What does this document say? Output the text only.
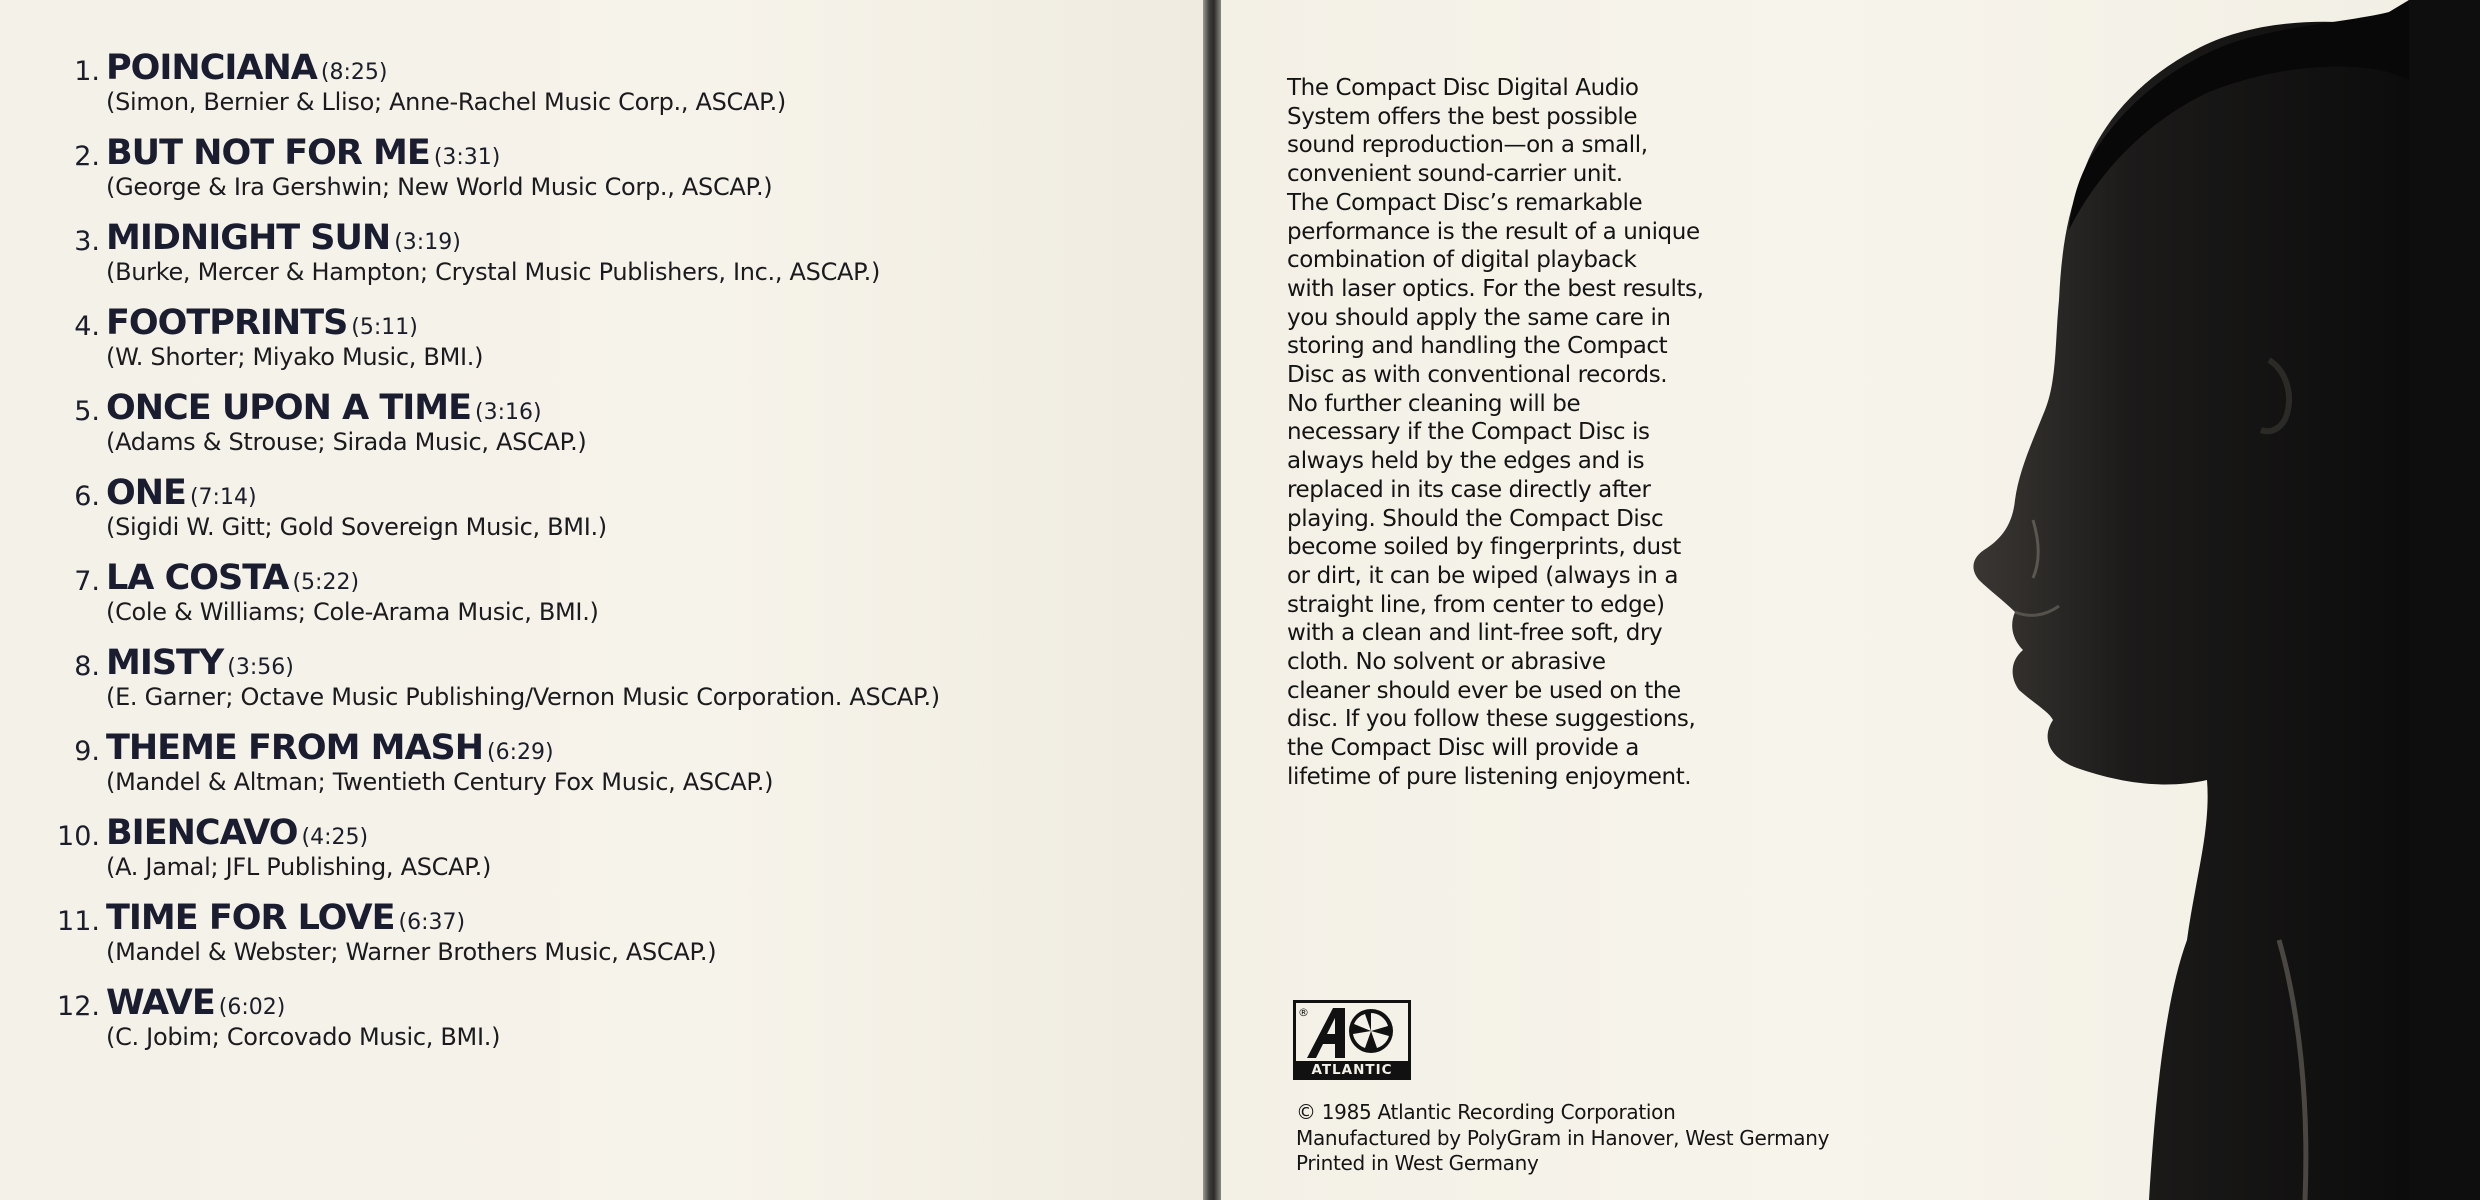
1. POINCIANA (8:25)
(Simon, Bernier & Lliso; Anne-Rachel Music Corp., ASCAP.)
2. BUT NOT FOR ME (3:31)
(George & Ira Gershwin; New World Music Corp., ASCAP.)
3. MIDNIGHT SUN (3:19)
(Burke, Mercer & Hampton; Crystal Music Publishers, Inc., ASCAP.)
4. FOOTPRINTS (5:11)
(W. Shorter; Miyako Music, BMI.)
5. ONCE UPON A TIME (3:16)
(Adams & Strouse; Sirada Music, ASCAP.)
6. ONE (7:14)
(Sigidi W. Gitt; Gold Sovereign Music, BMI.)
7. LA COSTA (5:22)
(Cole & Williams; Cole-Arama Music, BMI.)
8. MISTY (3:56)
(E. Garner; Octave Music Publishing/Vernon Music Corporation. ASCAP.)
9. THEME FROM MASH (6:29)
(Mandel & Altman; Twentieth Century Fox Music, ASCAP.)
10. BIENCAVO (4:25)
(A. Jamal; JFL Publishing, ASCAP.)
11. TIME FOR LOVE (6:37)
(Mandel & Webster; Warner Brothers Music, ASCAP.)
12. WAVE (6:02)
(C. Jobim; Corcovado Music, BMI.)
The Compact Disc Digital Audio
System offers the best possible
sound reproduction—on a small,
convenient sound-carrier unit.
The Compact Disc’s remarkable
performance is the result of a unique
combination of digital playback
with laser optics. For the best results,
you should apply the same care in
storing and handling the Compact
Disc as with conventional records.
No further cleaning will be
necessary if the Compact Disc is
always held by the edges and is
replaced in its case directly after
playing. Should the Compact Disc
become soiled by fingerprints, dust
or dirt, it can be wiped (always in a
straight line, from center to edge)
with a clean and lint-free soft, dry
cloth. No solvent or abrasive
cleaner should ever be used on the
disc. If you follow these suggestions,
the Compact Disc will provide a
lifetime of pure listening enjoyment.
®
ATLANTIC
© 1985 Atlantic Recording Corporation
Manufactured by PolyGram in Hanover, West Germany
Printed in West Germany
